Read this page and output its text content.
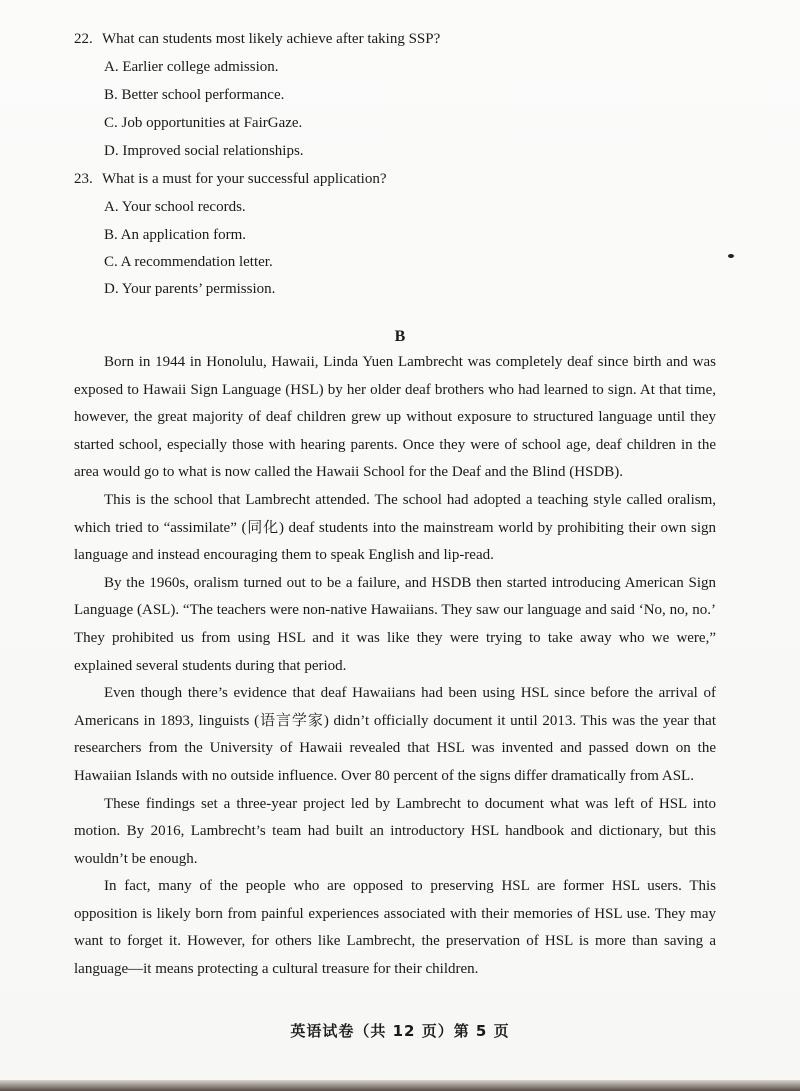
22. What can students most likely achieve after taking SSP?
A. Earlier college admission.
B. Better school performance.
C. Job opportunities at FairGaze.
D. Improved social relationships.
23. What is a must for your successful application?
A. Your school records.
B. An application form.
C. A recommendation letter.
D. Your parents’ permission.
B

Born in 1944 in Honolulu, Hawaii, Linda Yuen Lambrecht was completely deaf since birth and was exposed to Hawaii Sign Language (HSL) by her older deaf brothers who had learned to sign. At that time, however, the great majority of deaf children grew up without exposure to structured language until they started school, especially those with hearing parents. Once they were of school age, deaf children in the area would go to what is now called the Hawaii School for the Deaf and the Blind (HSDB).

This is the school that Lambrecht attended. The school had adopted a teaching style called oralism, which tried to “assimilate” (同化) deaf students into the mainstream world by prohibiting their own sign language and instead encouraging them to speak English and lip-read.

By the 1960s, oralism turned out to be a failure, and HSDB then started introducing American Sign Language (ASL). “The teachers were non-native Hawaiians. They saw our language and said ‘No, no, no.’ They prohibited us from using HSL and it was like they were trying to take away who we were,” explained several students during that period.

Even though there’s evidence that deaf Hawaiians had been using HSL since before the arrival of Americans in 1893, linguists (语言学家) didn’t officially document it until 2013. This was the year that researchers from the University of Hawaii revealed that HSL was invented and passed down on the Hawaiian Islands with no outside influence. Over 80 percent of the signs differ dramatically from ASL.

These findings set a three-year project led by Lambrecht to document what was left of HSL into motion. By 2016, Lambrecht’s team had built an introductory HSL handbook and dictionary, but this wouldn’t be enough.

In fact, many of the people who are opposed to preserving HSL are former HSL users. This opposition is likely born from painful experiences associated with their memories of HSL use. They may want to forget it. However, for others like Lambrecht, the preservation of HSL is more than saving a language—it means protecting a cultural treasure for their children.

英语试卷（共 12 页）第 5 页
